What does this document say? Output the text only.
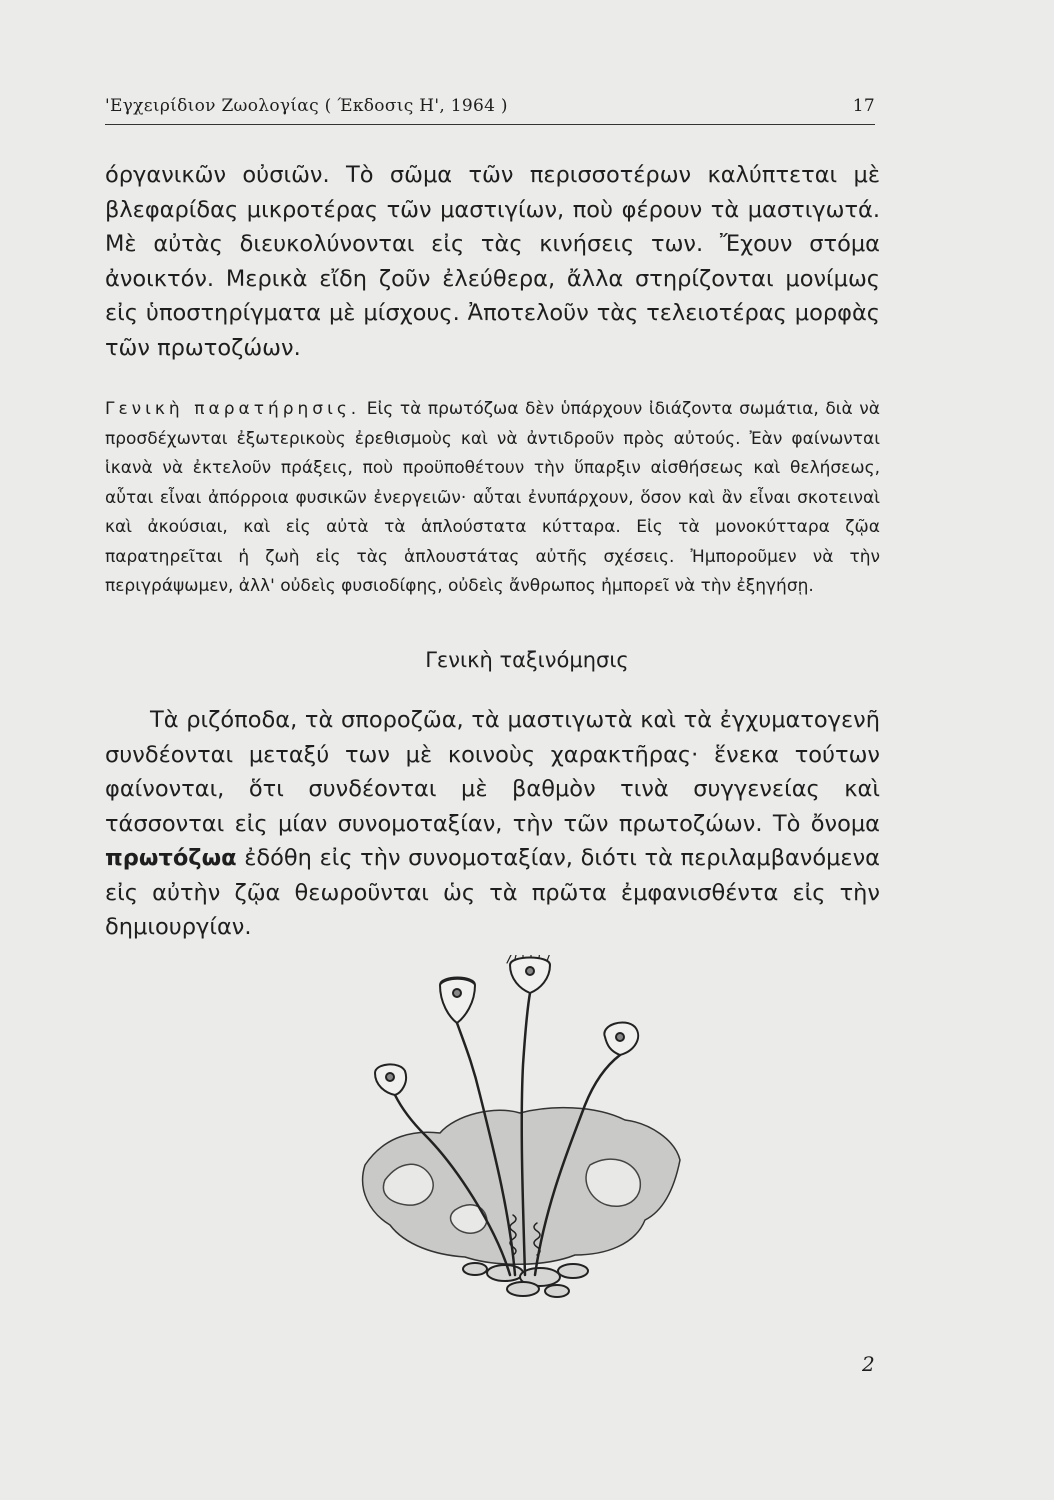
'Εγχειρίδιον Ζωολογίας ( Έκδοσις Η', 1964 )	17

όργανικῶν οὐσιῶν. Τὸ σῶμα τῶν περισσοτέρων καλύπτεται μὲ βλεφαρίδας μικροτέρας τῶν μαστιγίων, ποὺ φέρουν τὰ μαστιγωτά. Μὲ αὐτὰς διευκολύνονται εἰς τὰς κινήσεις των. Ἔχουν στόμα ἀνοικτόν. Μερικὰ εἴδη ζοῦν ἐλεύθερα, ἄλλα στηρίζονται μονίμως εἰς ὑποστηρίγματα μὲ μίσχους. Ἀποτελοῦν τὰς τελειοτέρας μορφὰς τῶν πρωτοζώων.

Γενικὴ παρατήρησις. Εἰς τὰ πρωτόζωα δὲν ὑπάρχουν ἰδιάζοντα σωμάτια, διὰ νὰ προσδέχωνται ἐξωτερικοὺς ἐρεθισμοὺς καὶ νὰ ἀντιδροῦν πρὸς αὐτούς. Ἐὰν φαίνωνται ἱκανὰ νὰ ἐκτελοῦν πράξεις, ποὺ προϋποθέτουν τὴν ὕπαρξιν αἰσθήσεως καὶ θελήσεως, αὗται εἶναι ἀπόρροια φυσικῶν ἐνεργειῶν· αὗται ἐνυπάρχουν, ὅσον καὶ ἂν εἶναι σκοτειναὶ καὶ ἀκούσιαι, καὶ εἰς αὐτὰ τὰ ἁπλούστατα κύτταρα. Εἰς τὰ μονοκύτταρα ζῷα παρατηρεῖται ἡ ζωὴ εἰς τὰς ἁπλουστάτας αὐτῆς σχέσεις. Ἠμποροῦμεν νὰ τὴν περιγράψωμεν, ἀλλ' οὐδεὶς φυσιοδίφης, οὐδεὶς ἄνθρωπος ἠμπορεῖ νὰ τὴν ἐξηγήσῃ.

Γενικὴ ταξινόμησις

Τὰ ριζόποδα, τὰ σποροζῶα, τὰ μαστιγωτὰ καὶ τὰ ἐγχυματογενῆ συνδέονται μεταξύ των μὲ κοινοὺς χαρακτῆρας· ἕνεκα τούτων φαίνονται, ὅτι συνδέονται μὲ βαθμὸν τινὰ συγγενείας καὶ τάσσονται εἰς μίαν συνομοταξίαν, τὴν τῶν πρωτοζώων. Τὸ ὄνομα πρωτόζωα ἐδόθη εἰς τὴν συνομοταξίαν, διότι τὰ περιλαμβανόμενα εἰς αὐτὴν ζῷα θεωροῦνται ὡς τὰ πρῶτα ἐμφανισθέντα εἰς τὴν δημιουργίαν.

2
